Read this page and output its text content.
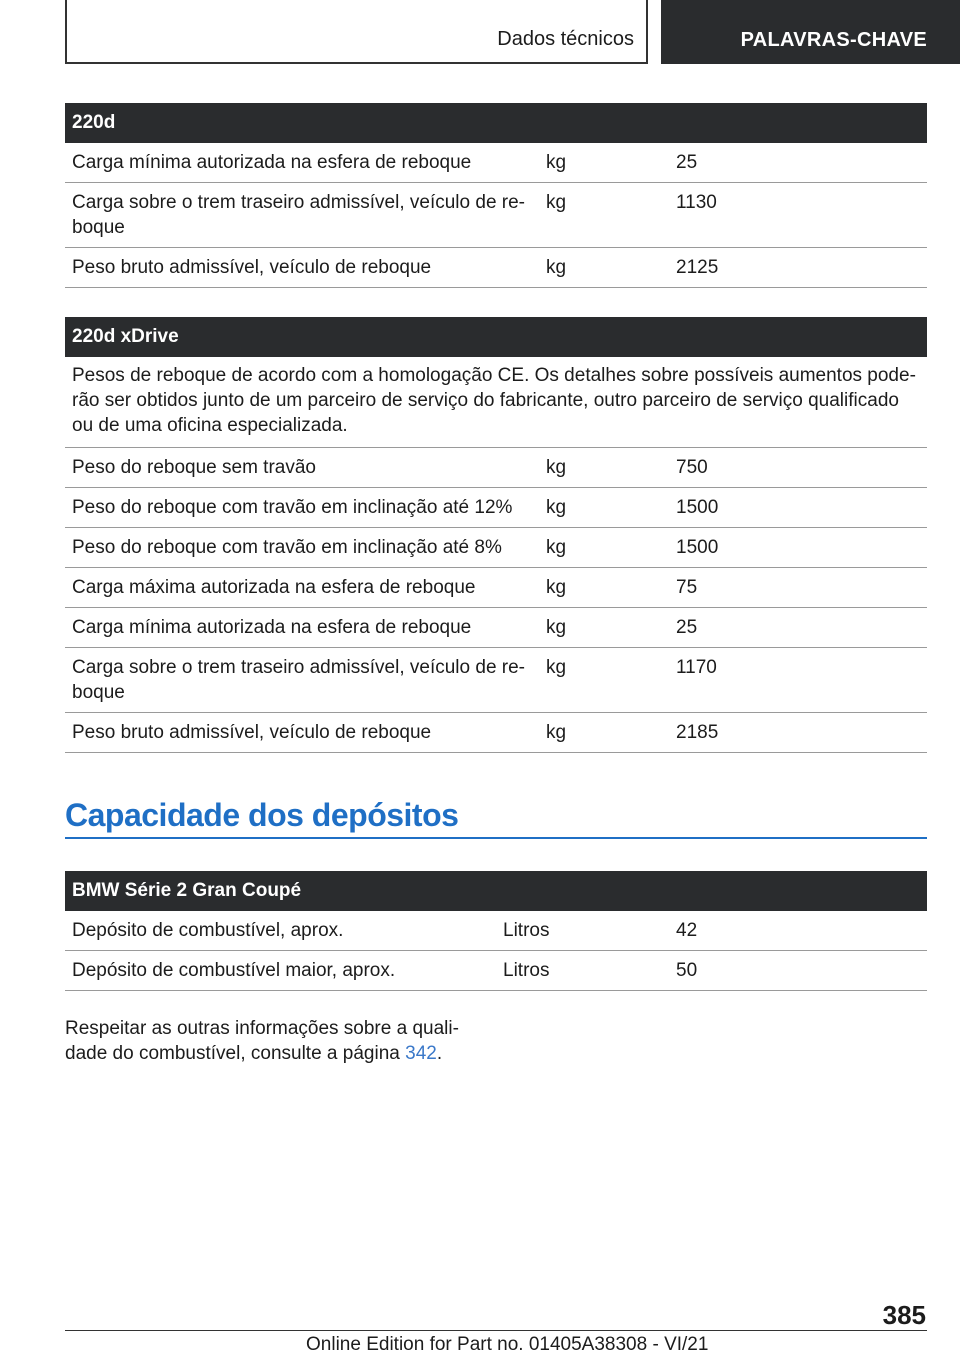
Dados técnicos	PALAVRAS-CHAVE
220d
Carga mínima autorizada na esfera de reboque	kg	25
Carga sobre o trem traseiro admissível, veículo de re-
boque
kg	1130
Peso bruto admissível, veículo de reboque	kg	2125
220d xDrive
Pesos de reboque de acordo com a homologação CE. Os detalhes sobre possíveis aumentos pode-
rão ser obtidos junto de um parceiro de serviço do fabricante, outro parceiro de serviço qualificado
ou de uma oficina especializada.
Peso do reboque sem travão	kg	750
Peso do reboque com travão em inclinação até 12%	kg	1500
Peso do reboque com travão em inclinação até 8%	kg	1500
Carga máxima autorizada na esfera de reboque	kg	75
Carga mínima autorizada na esfera de reboque	kg	25
Carga sobre o trem traseiro admissível, veículo de re-
boque
kg	1170
Peso bruto admissível, veículo de reboque	kg	2185
Capacidade dos depósitos
BMW Série 2 Gran Coupé
Depósito de combustível, aprox.	Litros	42
Depósito de combustível maior, aprox.	Litros	50
Respeitar as outras informações sobre a quali-
dade do combustível, consulte a página 342.
385
Online Edition for Part no. 01405A38308 - VI/21
